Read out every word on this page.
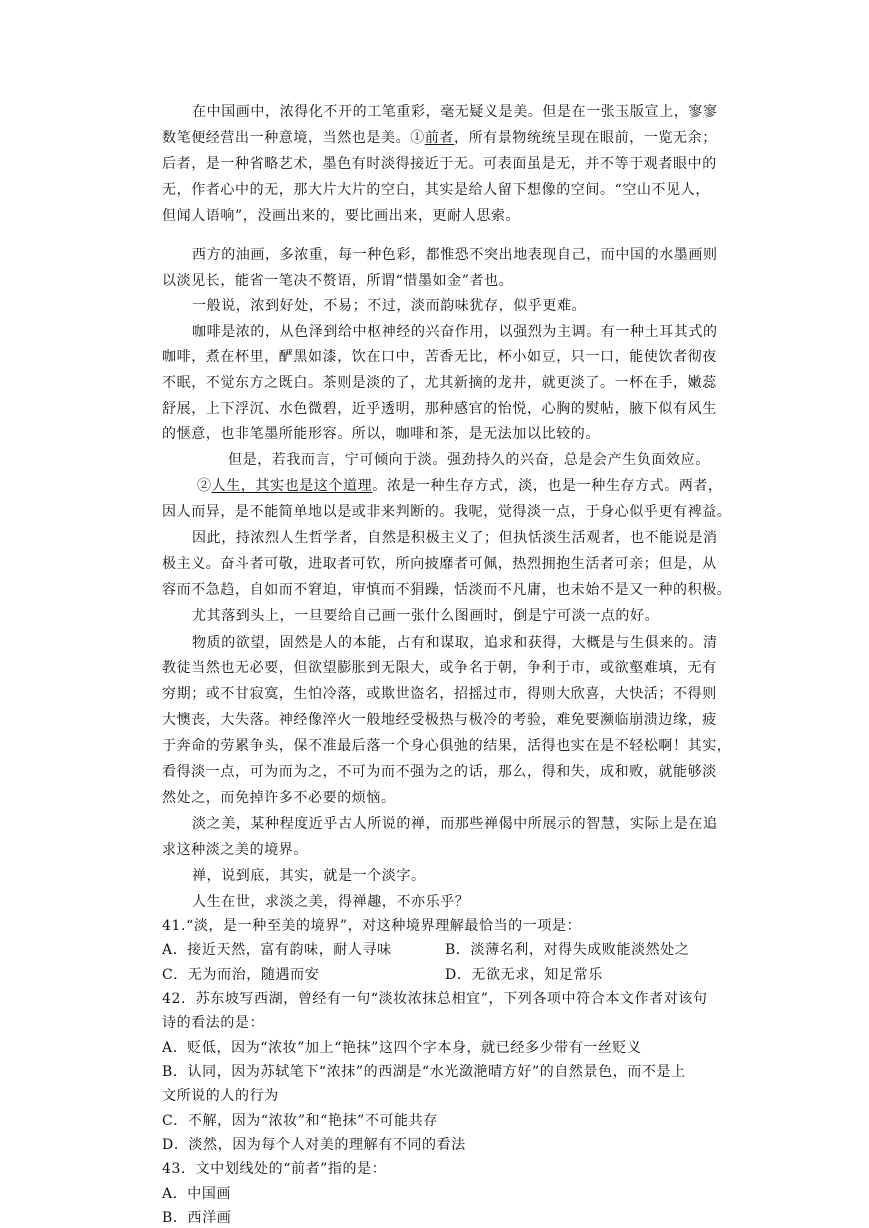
在中国画中，浓得化不开的工笔重彩，毫无疑义是美。但是在一张玉版宣上，寥寥
数笔便经营出一种意境，当然也是美。①前者，所有景物统统呈现在眼前，一览无余；
后者，是一种省略艺术，墨色有时淡得接近于无。可表面虽是无，并不等于观者眼中的
无，作者心中的无，那大片大片的空白，其实是给人留下想像的空间。“空山不见人，
但闻人语响”，没画出来的，要比画出来，更耐人思索。
西方的油画，多浓重，每一种色彩，都惟恐不突出地表现自己，而中国的水墨画则
以淡见长，能省一笔决不赘语，所谓“惜墨如金”者也。
一般说，浓到好处，不易；不过，淡而韵味犹存，似乎更难。
咖啡是浓的，从色泽到给中枢神经的兴奋作用，以强烈为主调。有一种土耳其式的
咖啡，煮在杯里，酽黑如漆，饮在口中，苦香无比，杯小如豆，只一口，能使饮者彻夜
不眠，不觉东方之既白。茶则是淡的了，尤其新摘的龙井，就更淡了。一杯在手，嫩蕊
舒展，上下浮沉、水色微碧，近乎透明，那种感官的怡悦，心胸的熨帖，腋下似有风生
的惬意，也非笔墨所能形容。所以，咖啡和茶，是无法加以比较的。
但是，若我而言，宁可倾向于淡。强劲持久的兴奋，总是会产生负面效应。
②人生，其实也是这个道理。浓是一种生存方式，淡，也是一种生存方式。两者，
因人而异，是不能简单地以是或非来判断的。我呢，觉得淡一点，于身心似乎更有裨益。
因此，持浓烈人生哲学者，自然是积极主义了；但执恬淡生活观者，也不能说是消
极主义。奋斗者可敬，进取者可钦，所向披靡者可佩，热烈拥抱生活者可亲；但是，从
容而不急趋，自如而不窘迫，审慎而不狷躁，恬淡而不凡庸，也未始不是又一种的积极。
尤其落到头上，一旦要给自己画一张什么图画时，倒是宁可淡一点的好。
物质的欲望，固然是人的本能，占有和谋取，追求和获得，大概是与生俱来的。清
教徒当然也无必要，但欲望膨胀到无限大，或争名于朝，争利于市，或欲壑难填，无有
穷期；或不甘寂寞，生怕冷落，或欺世盗名，招摇过市，得则大欣喜，大快活；不得则
大懊丧，大失落。神经像淬火一般地经受极热与极冷的考验，难免要濒临崩溃边缘，疲
于奔命的劳累争头，保不准最后落一个身心俱弛的结果，活得也实在是不轻松啊！其实，
看得淡一点，可为而为之，不可为而不强为之的话，那么，得和失，成和败，就能够淡
然处之，而免掉许多不必要的烦恼。
淡之美，某种程度近乎古人所说的禅，而那些禅偈中所展示的智慧，实际上是在追
求这种淡之美的境界。
禅，说到底，其实，就是一个淡字。
人生在世，求淡之美，得禅趣，不亦乐乎？
41.“淡，是一种至美的境界”，对这种境界理解最恰当的一项是：
A．接近天然，富有韵味，耐人寻味	B．淡薄名利，对得失成败能淡然处之
C．无为而治，随遇而安	D．无欲无求，知足常乐
42．苏东坡写西湖，曾经有一句“淡妆浓抹总相宜”，下列各项中符合本文作者对该句
诗的看法的是：
A．贬低，因为“浓妆”加上“艳抹”这四个字本身，就已经多少带有一丝贬义
B．认同，因为苏轼笔下“浓抹”的西湖是“水光潋滟晴方好”的自然景色，而不是上
文所说的人的行为
C．不解，因为“浓妆”和“艳抹”不可能共存
D．淡然，因为每个人对美的理解有不同的看法
43．文中划线处的“前者”指的是：
A．中国画
B．西洋画
